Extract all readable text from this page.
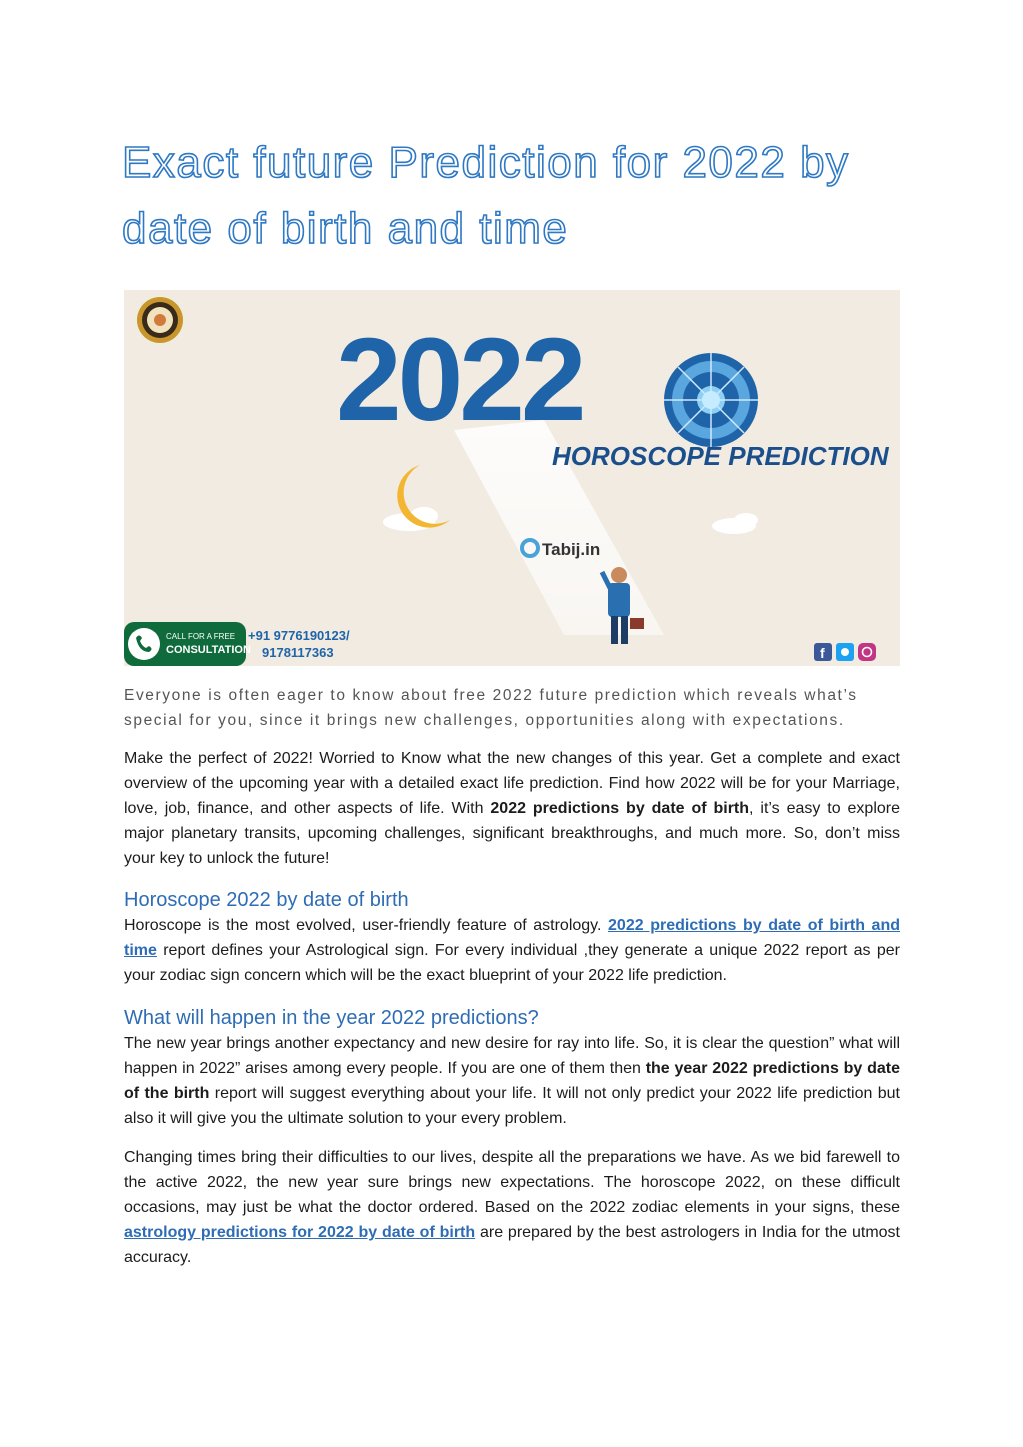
Exact future Prediction for 2022 by date of birth and time
2022
HOROSCOPE PREDICTION
Tabij.in
CALL FOR A FREE
CONSULTATION
+91 9776190123/
9178117363	f

Everyone is often eager to know about free 2022 future prediction which reveals what’s special for you, since it brings new challenges, opportunities along with expectations.

Make the perfect of 2022! Worried to Know what the new changes of this year. Get a complete and exact overview of the upcoming year with a detailed exact life prediction. Find how 2022 will be for your Marriage, love, job, finance, and other aspects of life. With 2022 predictions by date of birth, it’s easy to explore major planetary transits, upcoming challenges, significant breakthroughs, and much more. So, don’t miss your key to unlock the future!

Horoscope 2022 by date of birth

Horoscope is the most evolved, user-friendly feature of astrology. 2022 predictions by date of birth and time report defines your Astrological sign. For every individual ,they generate a unique 2022 report as per your zodiac sign concern which will be the exact blueprint of your 2022 life prediction.

What will happen in the year 2022 predictions?

The new year brings another expectancy and new desire for ray into life. So, it is clear the question” what will happen in 2022” arises among every people. If you are one of them then the year 2022 predictions by date of the birth report will suggest everything about your life. It will not only predict your 2022 life prediction but also it will give you the ultimate solution to your every problem.

Changing times bring their difficulties to our lives, despite all the preparations we have. As we bid farewell to the active 2022, the new year sure brings new expectations. The horoscope 2022, on these difficult occasions, may just be what the doctor ordered. Based on the 2022 zodiac elements in your signs, these astrology predictions for 2022 by date of birth are prepared by the best astrologers in India for the utmost accuracy.
